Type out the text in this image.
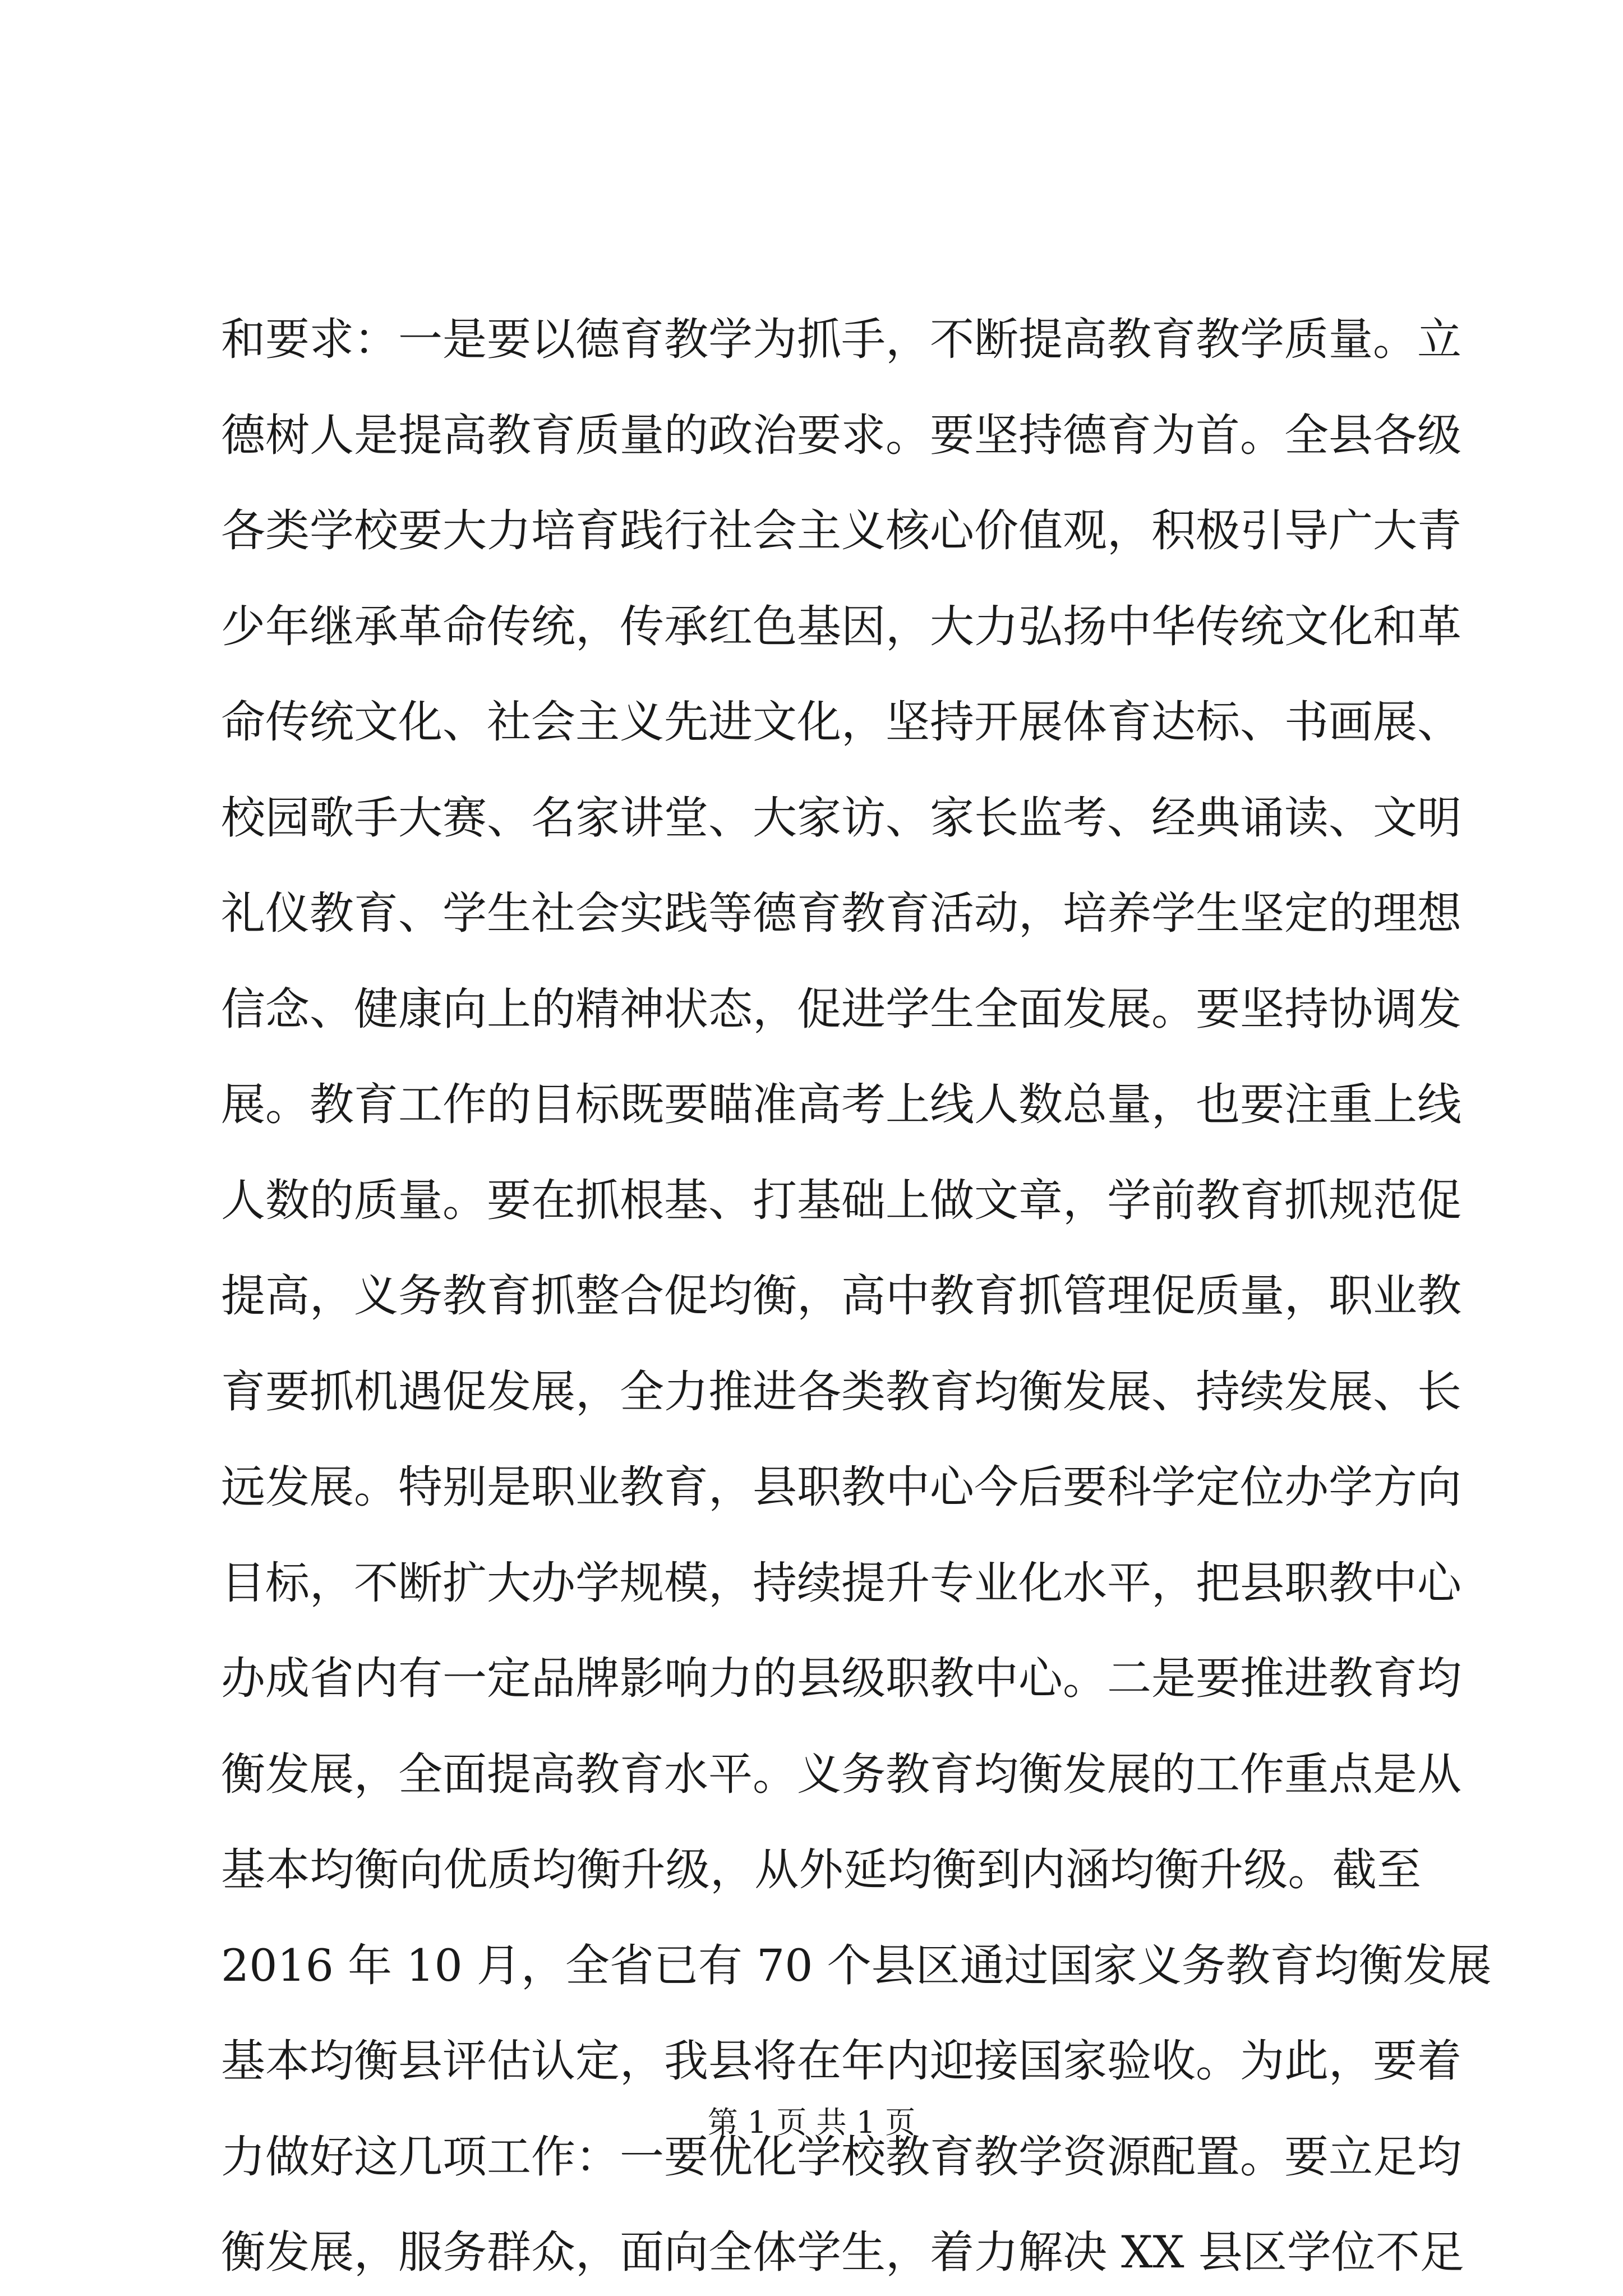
和要求：一是要以德育教学为抓手，不断提高教育教学质量。立
德树人是提高教育质量的政治要求。要坚持德育为首。全县各级
各类学校要大力培育践行社会主义核心价值观，积极引导广大青
少年继承革命传统，传承红色基因，大力弘扬中华传统文化和革
命传统文化、社会主义先进文化，坚持开展体育达标、书画展、
校园歌手大赛、名家讲堂、大家访、家长监考、经典诵读、文明
礼仪教育、学生社会实践等德育教育活动，培养学生坚定的理想
信念、健康向上的精神状态，促进学生全面发展。要坚持协调发
展。教育工作的目标既要瞄准高考上线人数总量，也要注重上线
人数的质量。要在抓根基、打基础上做文章，学前教育抓规范促
提高，义务教育抓整合促均衡，高中教育抓管理促质量，职业教
育要抓机遇促发展，全力推进各类教育均衡发展、持续发展、长
远发展。特别是职业教育，县职教中心今后要科学定位办学方向
目标，不断扩大办学规模，持续提升专业化水平，把县职教中心
办成省内有一定品牌影响力的县级职教中心。二是要推进教育均
衡发展，全面提高教育水平。义务教育均衡发展的工作重点是从
基本均衡向优质均衡升级，从外延均衡到内涵均衡升级。截至
2016 年 10 月，全省已有 70 个县区通过国家义务教育均衡发展
基本均衡县评估认定，我县将在年内迎接国家验收。为此，要着
力做好这几项工作：一要优化学校教育教学资源配置。要立足均
衡发展，服务群众，面向全体学生，着力解决 XX 县区学位不足
第 1 页 共 1 页
